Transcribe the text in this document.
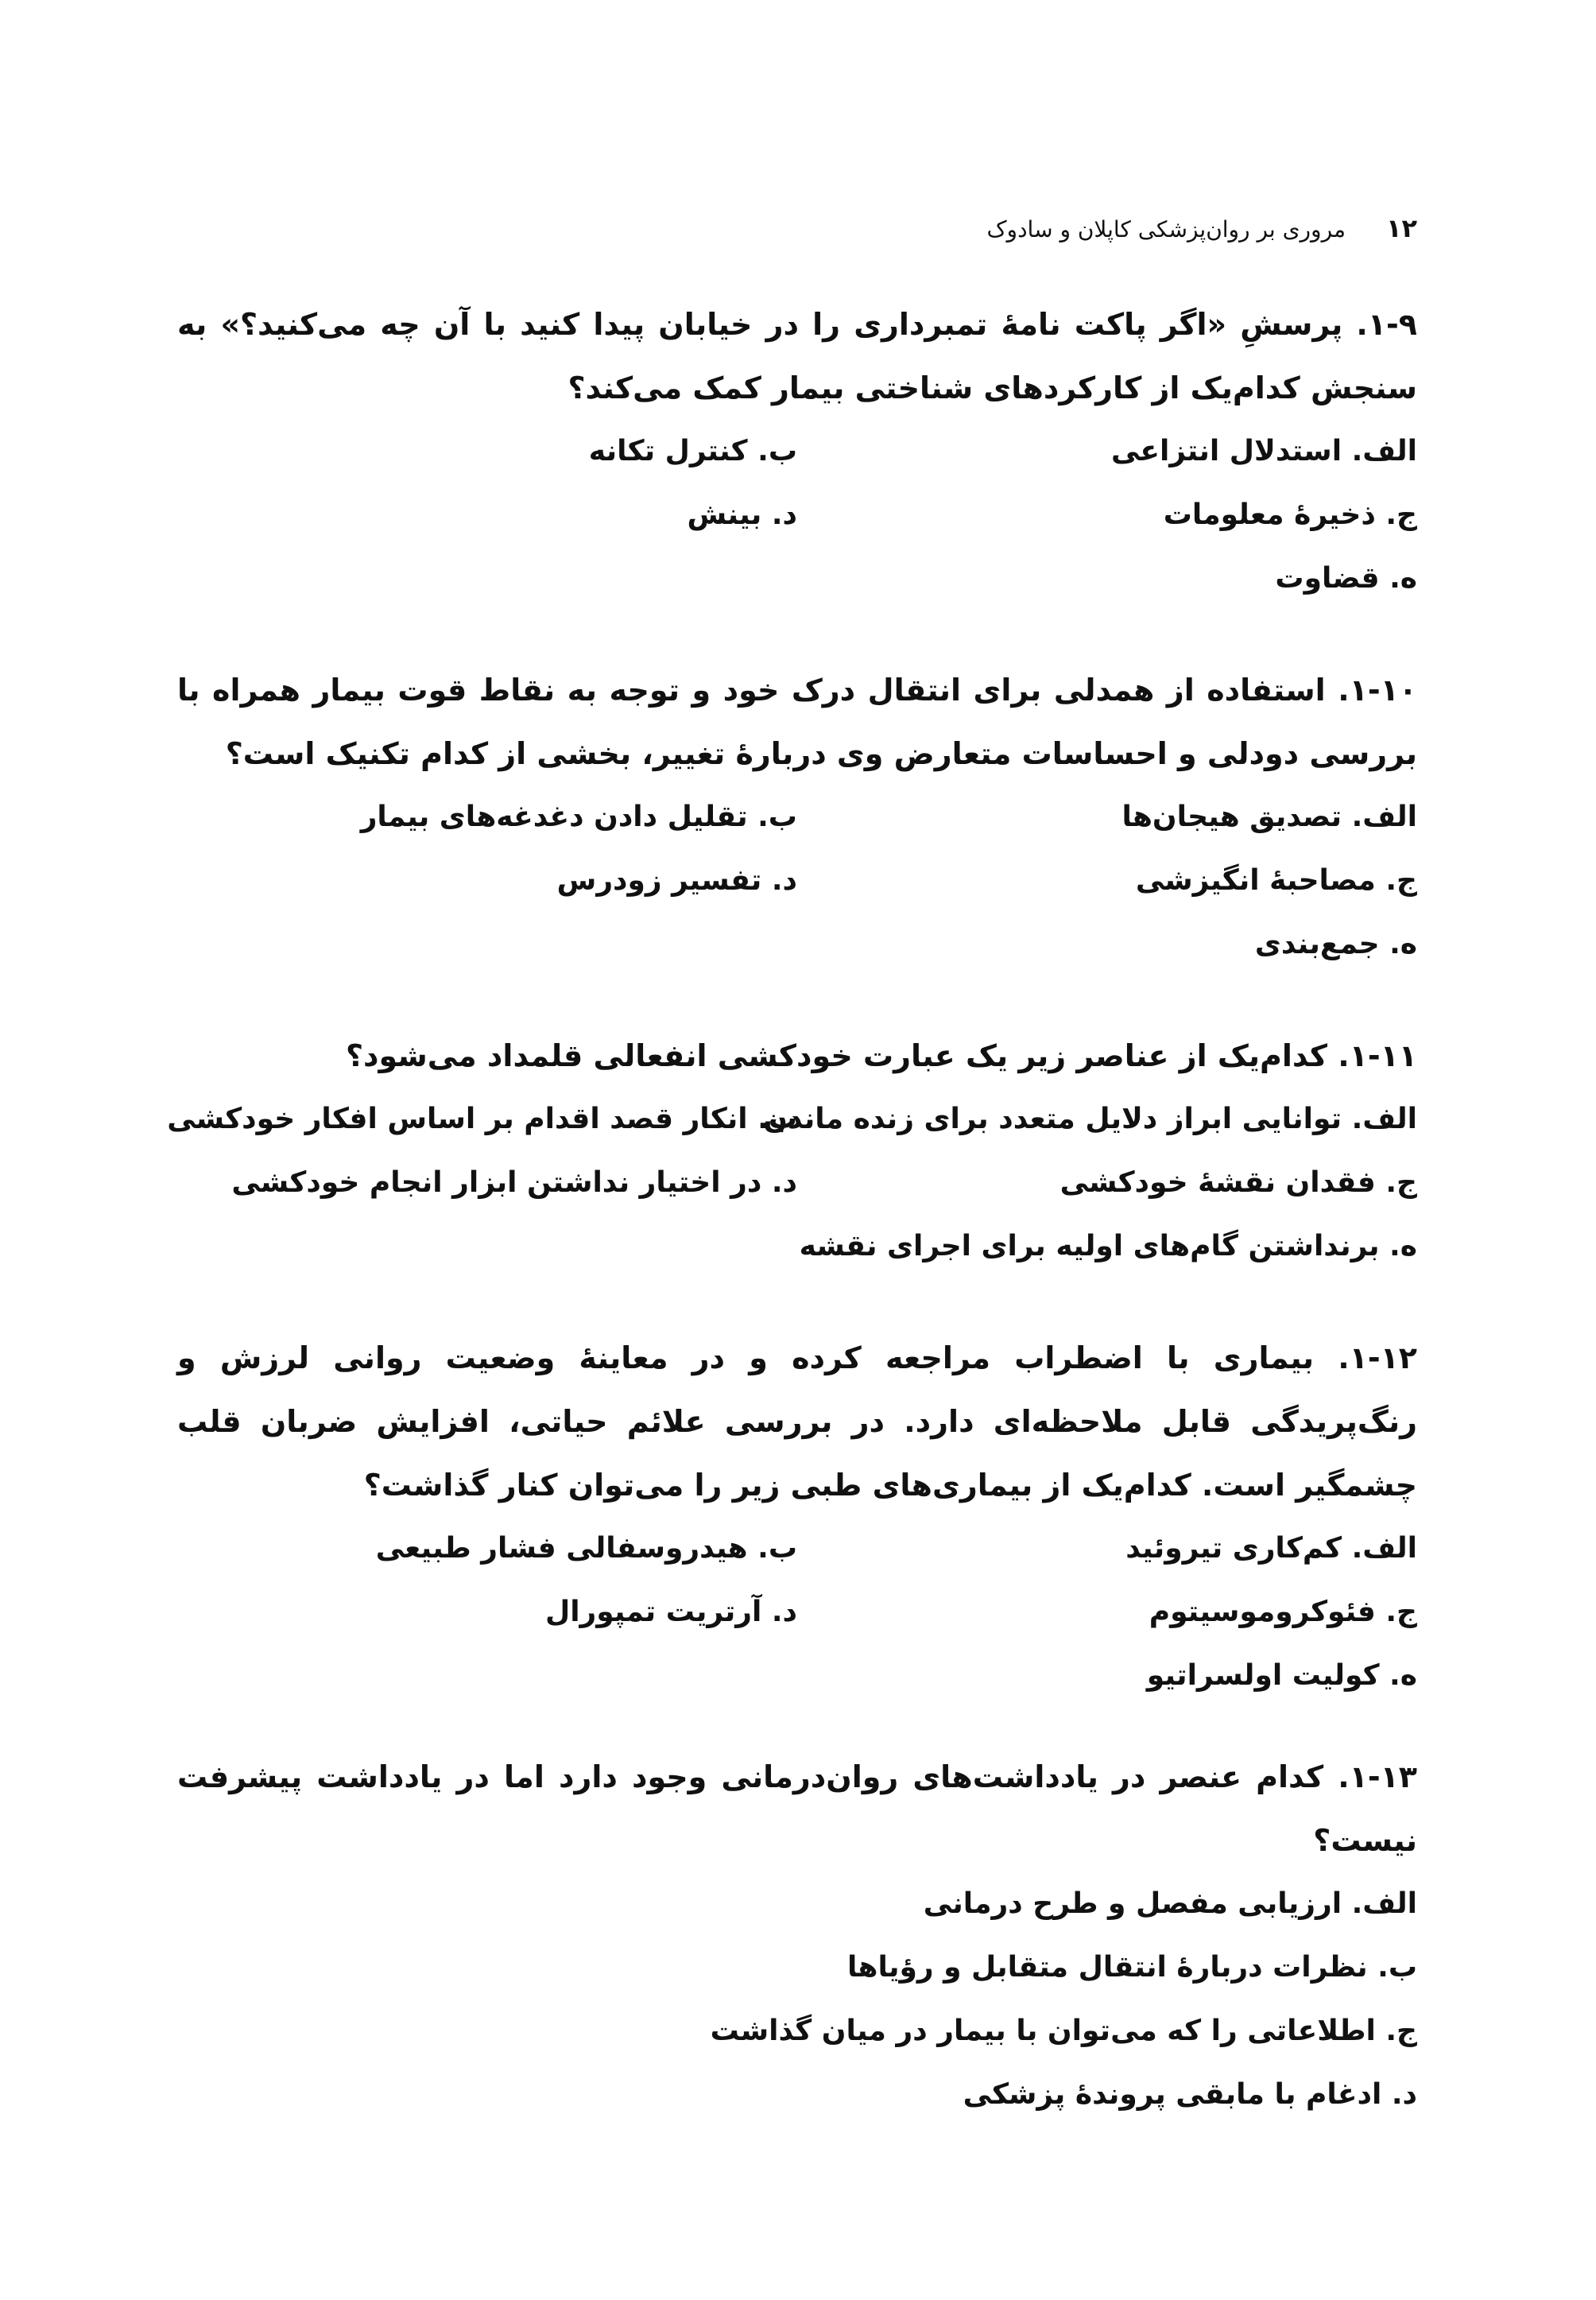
۱۲ مروری بر روان‌پزشکی کاپلان و سادوک
۱-۹. پرسشِ «اگر پاکت نامهٔ تمبرداری را در خیابان پیدا کنید با آن چه می‌کنید؟» به سنجش کدام‌یک از کارکردهای شناختی بیمار کمک می‌کند؟
الف. استدلال انتزاعی
ب. کنترل تکانه
ج. ذخیرهٔ معلومات
د. بینش
ه. قضاوت
۱-۱۰. استفاده از همدلی برای انتقال درک خود و توجه به نقاط قوت بیمار همراه با بررسی دودلی و احساسات متعارض وی دربارهٔ تغییر، بخشی از کدام تکنیک است؟
الف. تصدیق هیجان‌ها
ب. تقلیل دادن دغدغه‌های بیمار
ج. مصاحبهٔ انگیزشی
د. تفسیر زودرس
ه. جمع‌بندی
۱-۱۱. کدام‌یک از عناصر زیر یک عبارت خودکشی انفعالی قلمداد می‌شود؟
الف. توانایی ابراز دلایل متعدد برای زنده ماندن
ب. انکار قصد اقدام بر اساس افکار خودکشی
ج. فقدان نقشهٔ خودکشی
د. در اختیار نداشتن ابزار انجام خودکشی
ه. برنداشتن گام‌های اولیه برای اجرای نقشه
۱-۱۲. بیماری با اضطراب مراجعه کرده و در معاینهٔ وضعیت روانی لرزش و رنگ‌پریدگی قابل ملاحظه‌ای دارد. در بررسی علائم حیاتی، افزایش ضربان قلب چشمگیر است. کدام‌یک از بیماری‌های طبی زیر را می‌توان کنار گذاشت؟
الف. کم‌کاری تیروئید
ب. هیدروسفالی فشار طبیعی
ج. فئوکروموسیتوم
د. آرتریت تمپورال
ه. کولیت اولسراتیو
۱-۱۳. کدام عنصر در یادداشت‌های روان‌درمانی وجود دارد اما در یادداشت پیشرفت نیست؟
الف. ارزیابی مفصل و طرح درمانی
ب. نظرات دربارهٔ انتقال متقابل و رؤیاها
ج. اطلاعاتی را که می‌توان با بیمار در میان گذاشت
د. ادغام با مابقی پروندهٔ پزشکی
